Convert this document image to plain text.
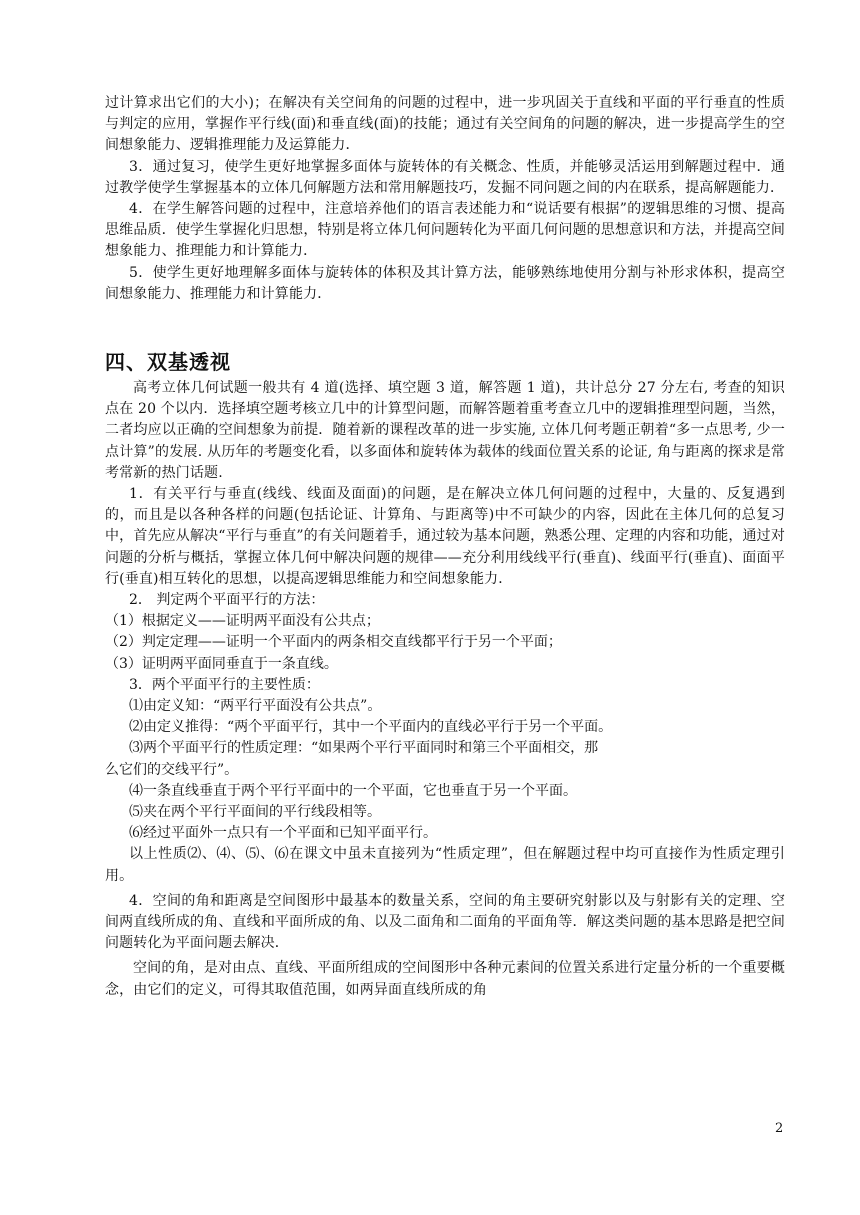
过计算求出它们的大小)；在解决有关空间角的问题的过程中，进一步巩固关于直线和平面的平行垂直的性质与判定的应用，掌握作平行线(面)和垂直线(面)的技能；通过有关空间角的问题的解决，进一步提高学生的空间想象能力、逻辑推理能力及运算能力．

3．通过复习，使学生更好地掌握多面体与旋转体的有关概念、性质，并能够灵活运用到解题过程中．通过教学使学生掌握基本的立体几何解题方法和常用解题技巧，发掘不同问题之间的内在联系，提高解题能力．

4．在学生解答问题的过程中，注意培养他们的语言表述能力和“说话要有根据”的逻辑思维的习惯、提高思维品质．使学生掌握化归思想，特别是将立体几何问题转化为平面几何问题的思想意识和方法，并提高空间想象能力、推理能力和计算能力．

5．使学生更好地理解多面体与旋转体的体积及其计算方法，能够熟练地使用分割与补形求体积，提高空间想象能力、推理能力和计算能力．

四、双基透视

高考立体几何试题一般共有 4 道(选择、填空题 3 道，解答题 1 道)，共计总分 27 分左右, 考查的知识点在 20 个以内．选择填空题考核立几中的计算型问题，而解答题着重考查立几中的逻辑推理型问题，当然，二者均应以正确的空间想象为前提．随着新的课程改革的进一步实施, 立体几何考题正朝着“多一点思考, 少一点计算”的发展. 从历年的考题变化看，以多面体和旋转体为载体的线面位置关系的论证, 角与距离的探求是常考常新的热门话题.

1．有关平行与垂直(线线、线面及面面)的问题，是在解决立体几何问题的过程中，大量的、反复遇到的，而且是以各种各样的问题(包括论证、计算角、与距离等)中不可缺少的内容，因此在主体几何的总复习中，首先应从解决“平行与垂直”的有关问题着手，通过较为基本问题，熟悉公理、定理的内容和功能，通过对问题的分析与概括，掌握立体几何中解决问题的规律——充分利用线线平行(垂直)、线面平行(垂直)、面面平行(垂直)相互转化的思想，以提高逻辑思维能力和空间想象能力．

2． 判定两个平面平行的方法：

（1）根据定义——证明两平面没有公共点；

（2）判定定理——证明一个平面内的两条相交直线都平行于另一个平面；

（3）证明两平面同垂直于一条直线。

3．两个平面平行的主要性质：

⑴由定义知：“两平行平面没有公共点”。

⑵由定义推得：“两个平面平行，其中一个平面内的直线必平行于另一个平面。

⑶两个平面平行的性质定理：“如果两个平行平面同时和第三个平面相交，那

么它们的交线平行”。

⑷一条直线垂直于两个平行平面中的一个平面，它也垂直于另一个平面。

⑸夹在两个平行平面间的平行线段相等。

⑹经过平面外一点只有一个平面和已知平面平行。

以上性质⑵、⑷、⑸、⑹在课文中虽未直接列为“性质定理”，但在解题过程中均可直接作为性质定理引用。

4．空间的角和距离是空间图形中最基本的数量关系，空间的角主要研究射影以及与射影有关的定理、空间两直线所成的角、直线和平面所成的角、以及二面角和二面角的平面角等．解这类问题的基本思路是把空间问题转化为平面问题去解决．

空间的角，是对由点、直线、平面所组成的空间图形中各种元素间的位置关系进行定量分析的一个重要概念，由它们的定义，可得其取值范围，如两异面直线所成的角

2
